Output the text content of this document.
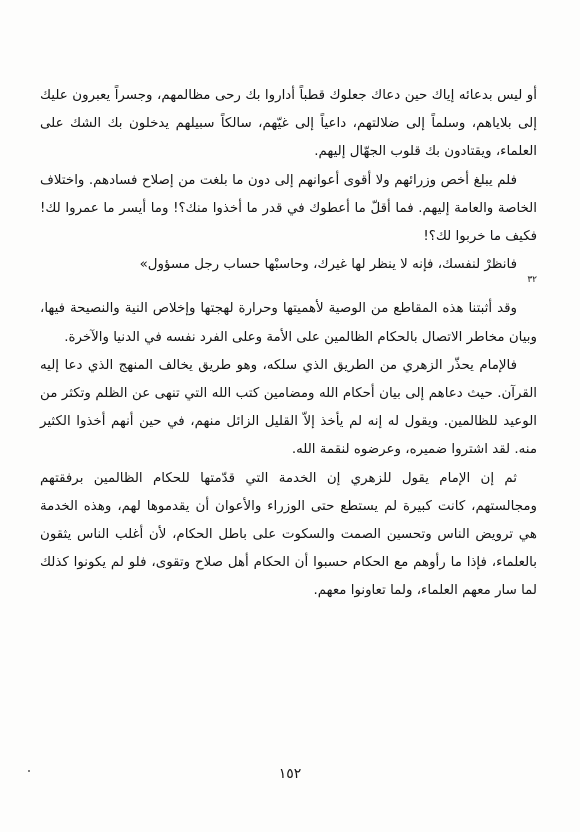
أو ليس بدعائه إياك حين دعاك جعلوك قطباً أداروا بك رحى مظالمهم، وجسراً يعبرون عليك إلى بلاياهم، وسلماً إلى ضلالتهم، داعياً إلى غيّهم، سالكاً سبيلهم يدخلون بك الشك على العلماء، ويقتادون بك قلوب الجهّال إليهم.

فلم يبلغ أخص وزرائهم ولا أقوى أعوانهم إلى دون ما بلغت من إصلاح فسادهم. واختلاف الخاصة والعامة إليهم. فما أقلّ ما أعطوك في قدر ما أخذوا منك؟! وما أيسر ما عمروا لك! فكيف ما خربوا لك؟!

فانظرْ لنفسك، فإنه لا ينظر لها غيرك، وحاسبْها حساب رجل مسؤول»

٣٢

وقد أثبتنا هذه المقاطع من الوصية لأهميتها وحرارة لهجتها وإخلاص النية والنصيحة فيها، وبيان مخاطر الاتصال بالحكام الظالمين على الأمة وعلى الفرد نفسه في الدنيا والآخرة.

فالإمام يحذّر الزهري من الطريق الذي سلكه، وهو طريق يخالف المنهج الذي دعا إليه القرآن. حيث دعاهم إلى بيان أحكام الله ومضامين كتب الله التي تنهى عن الظلم وتكثر من الوعيد للظالمين. ويقول له إنه لم يأخذ إلاّ القليل الزائل منهم، في حين أنهم أخذوا الكثير منه. لقد اشتروا ضميره، وعرضوه لنقمة الله.

ثم إن الإمام يقول للزهري إن الخدمة التي قدّمتها للحكام الظالمين برفقتهم ومجالستهم، كانت كبيرة لم يستطع حتى الوزراء والأعوان أن يقدموها لهم، وهذه الخدمة هي ترويض الناس وتحسين الصمت والسكوت على باطل الحكام، لأن أغلب الناس يثقون بالعلماء، فإذا ما رأوهم مع الحكام حسبوا أن الحكام أهل صلاح وتقوى، فلو لم يكونوا كذلك لما سار معهم العلماء، ولما تعاونوا معهم.

١٥٢
